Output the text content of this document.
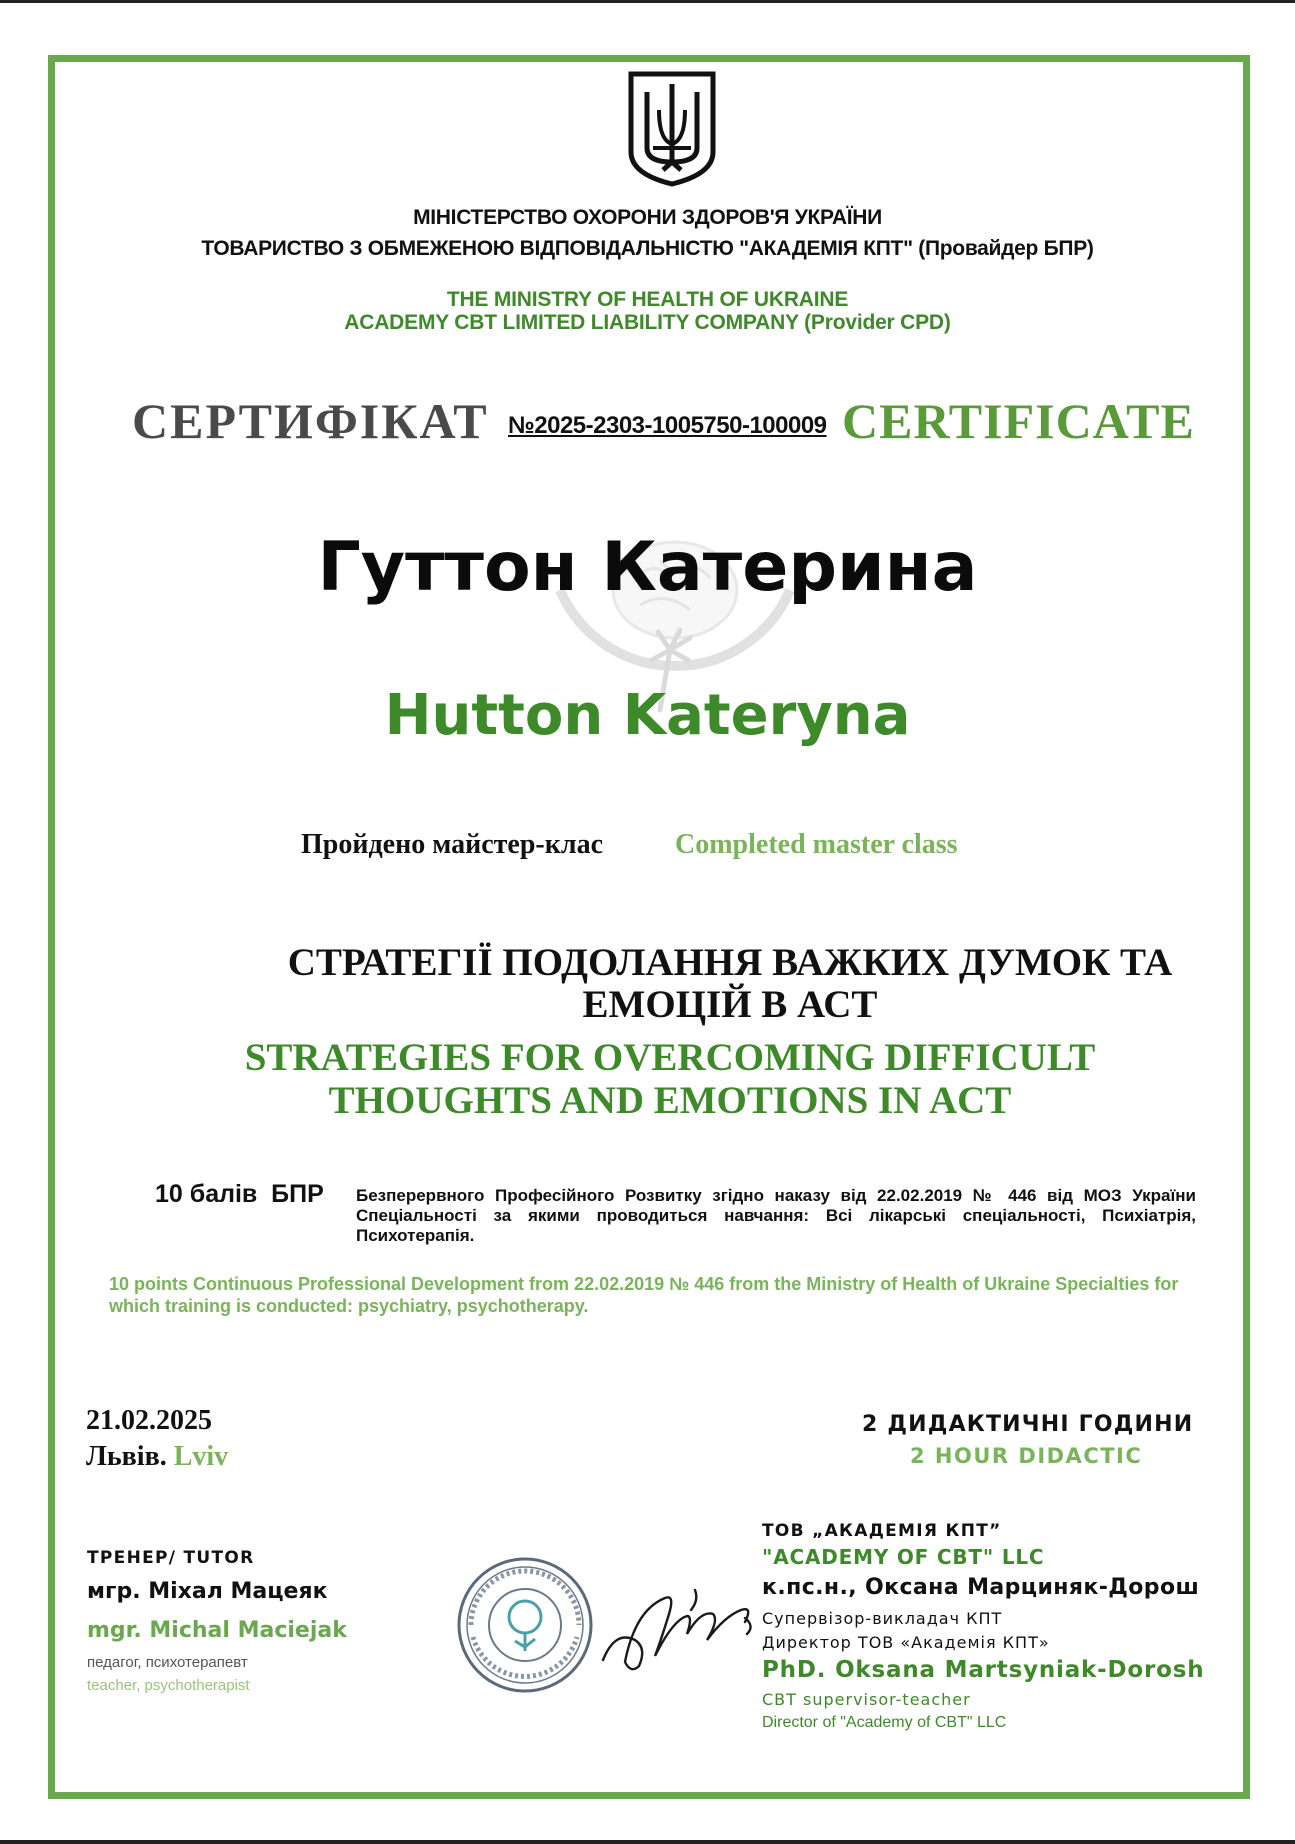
МІНІСТЕРСТВО ОХОРОНИ ЗДОРОВ'Я УКРАЇНИ
ТОВАРИСТВО З ОБМЕЖЕНОЮ ВІДПОВІДАЛЬНІСТЮ "АКАДЕМІЯ КПТ" (Провайдер БПР)
THE MINISTRY OF HEALTH OF UKRAINE
ACADEMY CBT LIMITED LIABILITY COMPANY (Provider CPD)
СЕРТИФІКАТ №2025-2303-1005750-100009 CERTIFICATE
Гуттон Катерина
Hutton Kateryna
Пройдено майстер-клас	Completed master class
СТРАТЕГІЇ ПОДОЛАННЯ ВАЖКИХ ДУМОК ТА ЕМОЦІЙ В АСТ
STRATEGIES FOR OVERCOMING DIFFICULT THOUGHTS AND EMOTIONS IN ACT
10 балів  БПР Безперервного Професійного Розвитку згідно наказу від 22.02.2019 № 446 від МОЗ України Спеціальності за якими проводиться навчання: Всі лікарські спеціальності, Психіатрія, Психотерапія.
10 points Continuous Professional Development from 22.02.2019 № 446 from the Ministry of Health of Ukraine Specialties for which training is conducted: psychiatry, psychotherapy.
21.02.2025
Львів. Lviv
2 ДИДАКТИЧНІ ГОДИНИ
2 HOUR DIDACTIC
ТРЕНЕР/ TUTOR
мгр. Міхал Мацеяк
mgr. Michal Maciejak
педагог, психотерапевт
teacher, psychotherapist
ТОВ „АКАДЕМІЯ КПТ”
"ACADEMY OF CBT" LLC
к.пс.н., Оксана Марциняк-Дорош
Супервізор-викладач КПТ
Директор ТОВ «Академія КПТ»
PhD. Oksana Martsyniak-Dorosh
CBT supervisor-teacher
Director of "Academy of CBT" LLC
